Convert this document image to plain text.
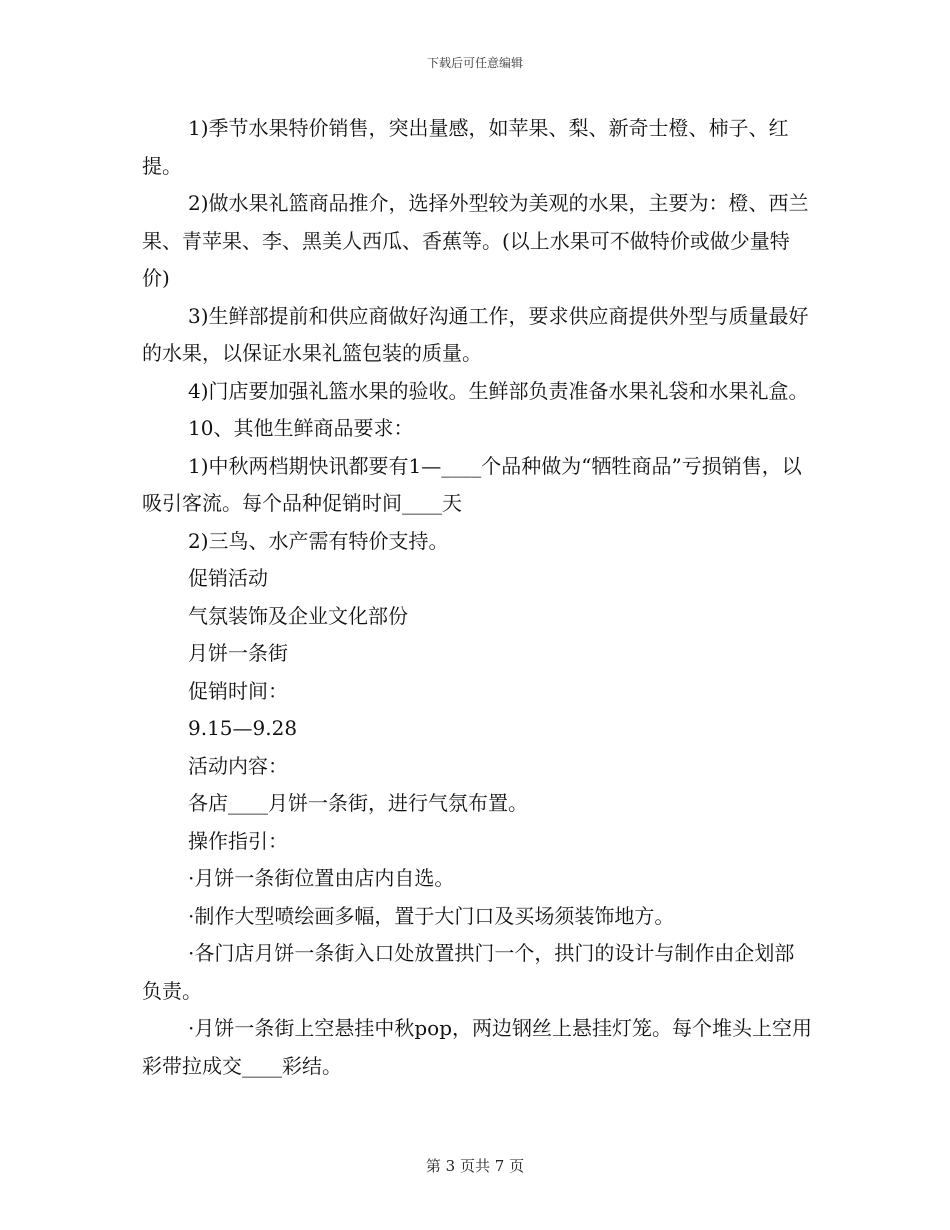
下载后可任意编辑

1)季节水果特价销售，突出量感，如苹果、梨、新奇士橙、柿子、红提。

2)做水果礼篮商品推介，选择外型较为美观的水果，主要为：橙、西兰果、青苹果、李、黑美人西瓜、香蕉等。(以上水果可不做特价或做少量特价)

3)生鲜部提前和供应商做好沟通工作，要求供应商提供外型与质量最好的水果，以保证水果礼篮包装的质量。

4)门店要加强礼篮水果的验收。生鲜部负责准备水果礼袋和水果礼盒。

10、其他生鲜商品要求：

1)中秋两档期快讯都要有1—____个品种做为“牺牲商品”亏损销售，以吸引客流。每个品种促销时间____天

2)三鸟、水产需有特价支持。

促销活动

气氛装饰及企业文化部份

月饼一条街

促销时间：

9.15—9.28

活动内容：

各店____月饼一条街，进行气氛布置。

操作指引：

·月饼一条街位置由店内自选。

·制作大型喷绘画多幅，置于大门口及买场须装饰地方。

·各门店月饼一条街入口处放置拱门一个，拱门的设计与制作由企划部负责。

·月饼一条街上空悬挂中秋pop，两边钢丝上悬挂灯笼。每个堆头上空用彩带拉成交____彩结。

第 3 页共 7 页
